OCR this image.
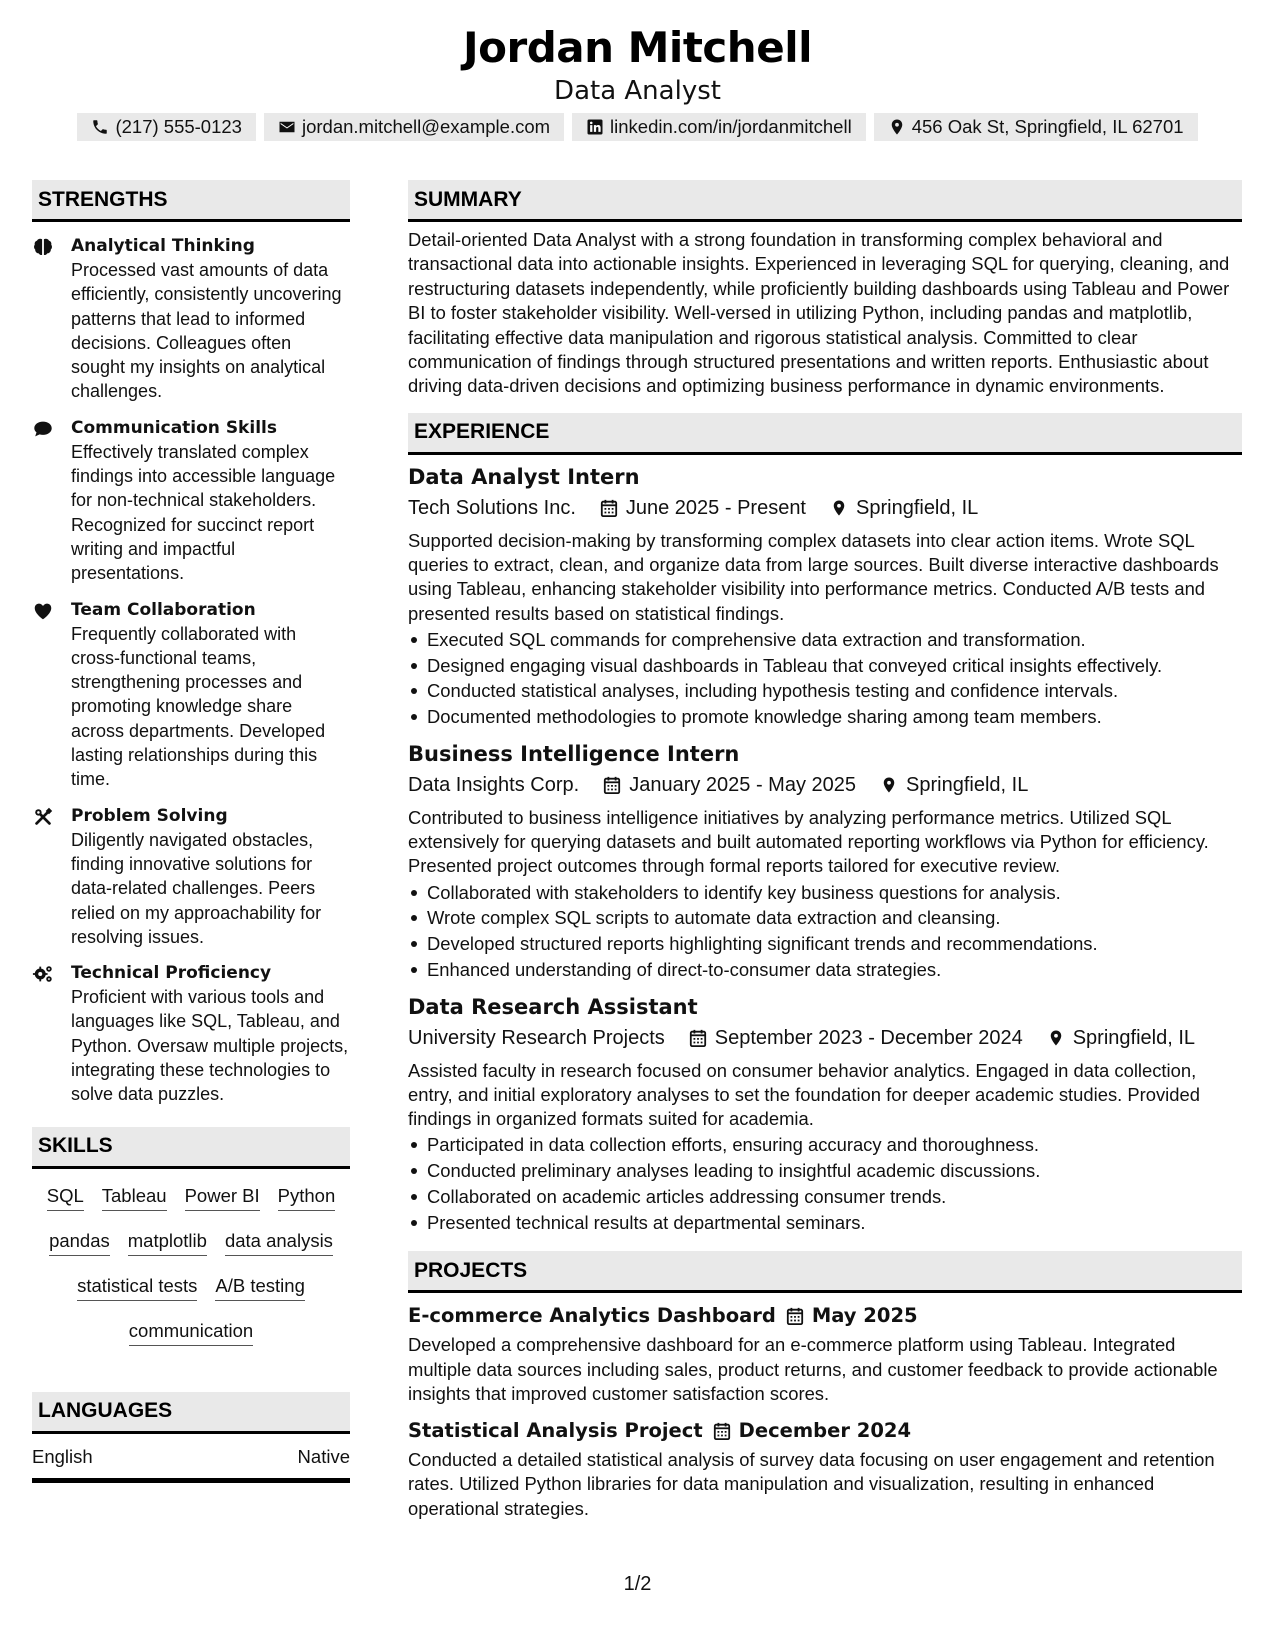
Jordan Mitchell
Data Analyst
(217) 555-0123	jordan.mitchell@example.com	linkedin.com/in/jordanmitchell	456 Oak St, Springfield, IL 62701
STRENGTHS
Analytical Thinking
Processed vast amounts of data efficiently, consistently uncovering patterns that lead to informed decisions. Colleagues often sought my insights on analytical challenges.
Communication Skills
Effectively translated complex findings into accessible language for non-technical stakeholders. Recognized for succinct report writing and impactful presentations.
Team Collaboration
Frequently collaborated with cross-functional teams, strengthening processes and promoting knowledge share across departments. Developed lasting relationships during this time.
Problem Solving
Diligently navigated obstacles, finding innovative solutions for data-related challenges. Peers relied on my approachability for resolving issues.
Technical Proficiency
Proficient with various tools and languages like SQL, Tableau, and Python. Oversaw multiple projects, integrating these technologies to solve data puzzles.
SKILLS
SQL Tableau Power BI Python
pandas matplotlib data analysis
statistical tests A/B testing
communication
LANGUAGES
English	Native
SUMMARY
Detail-oriented Data Analyst with a strong foundation in transforming complex behavioral and transactional data into actionable insights. Experienced in leveraging SQL for querying, cleaning, and restructuring datasets independently, while proficiently building dashboards using Tableau and Power BI to foster stakeholder visibility. Well-versed in utilizing Python, including pandas and matplotlib, facilitating effective data manipulation and rigorous statistical analysis. Committed to clear communication of findings through structured presentations and written reports. Enthusiastic about driving data-driven decisions and optimizing business performance in dynamic environments.
EXPERIENCE
Data Analyst Intern
Tech Solutions Inc.	June 2025 - Present	Springfield, IL
Supported decision-making by transforming complex datasets into clear action items. Wrote SQL queries to extract, clean, and organize data from large sources. Built diverse interactive dashboards using Tableau, enhancing stakeholder visibility into performance metrics. Conducted A/B tests and presented results based on statistical findings.
Executed SQL commands for comprehensive data extraction and transformation.
Designed engaging visual dashboards in Tableau that conveyed critical insights effectively.
Conducted statistical analyses, including hypothesis testing and confidence intervals.
Documented methodologies to promote knowledge sharing among team members.
Business Intelligence Intern
Data Insights Corp.	January 2025 - May 2025	Springfield, IL
Contributed to business intelligence initiatives by analyzing performance metrics. Utilized SQL extensively for querying datasets and built automated reporting workflows via Python for efficiency. Presented project outcomes through formal reports tailored for executive review.
Collaborated with stakeholders to identify key business questions for analysis.
Wrote complex SQL scripts to automate data extraction and cleansing.
Developed structured reports highlighting significant trends and recommendations.
Enhanced understanding of direct-to-consumer data strategies.
Data Research Assistant
University Research Projects	September 2023 - December 2024	Springfield, IL
Assisted faculty in research focused on consumer behavior analytics. Engaged in data collection, entry, and initial exploratory analyses to set the foundation for deeper academic studies. Provided findings in organized formats suited for academia.
Participated in data collection efforts, ensuring accuracy and thoroughness.
Conducted preliminary analyses leading to insightful academic discussions.
Collaborated on academic articles addressing consumer trends.
Presented technical results at departmental seminars.
PROJECTS
E-commerce Analytics Dashboard May 2025
Developed a comprehensive dashboard for an e-commerce platform using Tableau. Integrated multiple data sources including sales, product returns, and customer feedback to provide actionable insights that improved customer satisfaction scores.
Statistical Analysis Project December 2024
Conducted a detailed statistical analysis of survey data focusing on user engagement and retention rates. Utilized Python libraries for data manipulation and visualization, resulting in enhanced operational strategies.
1/2
